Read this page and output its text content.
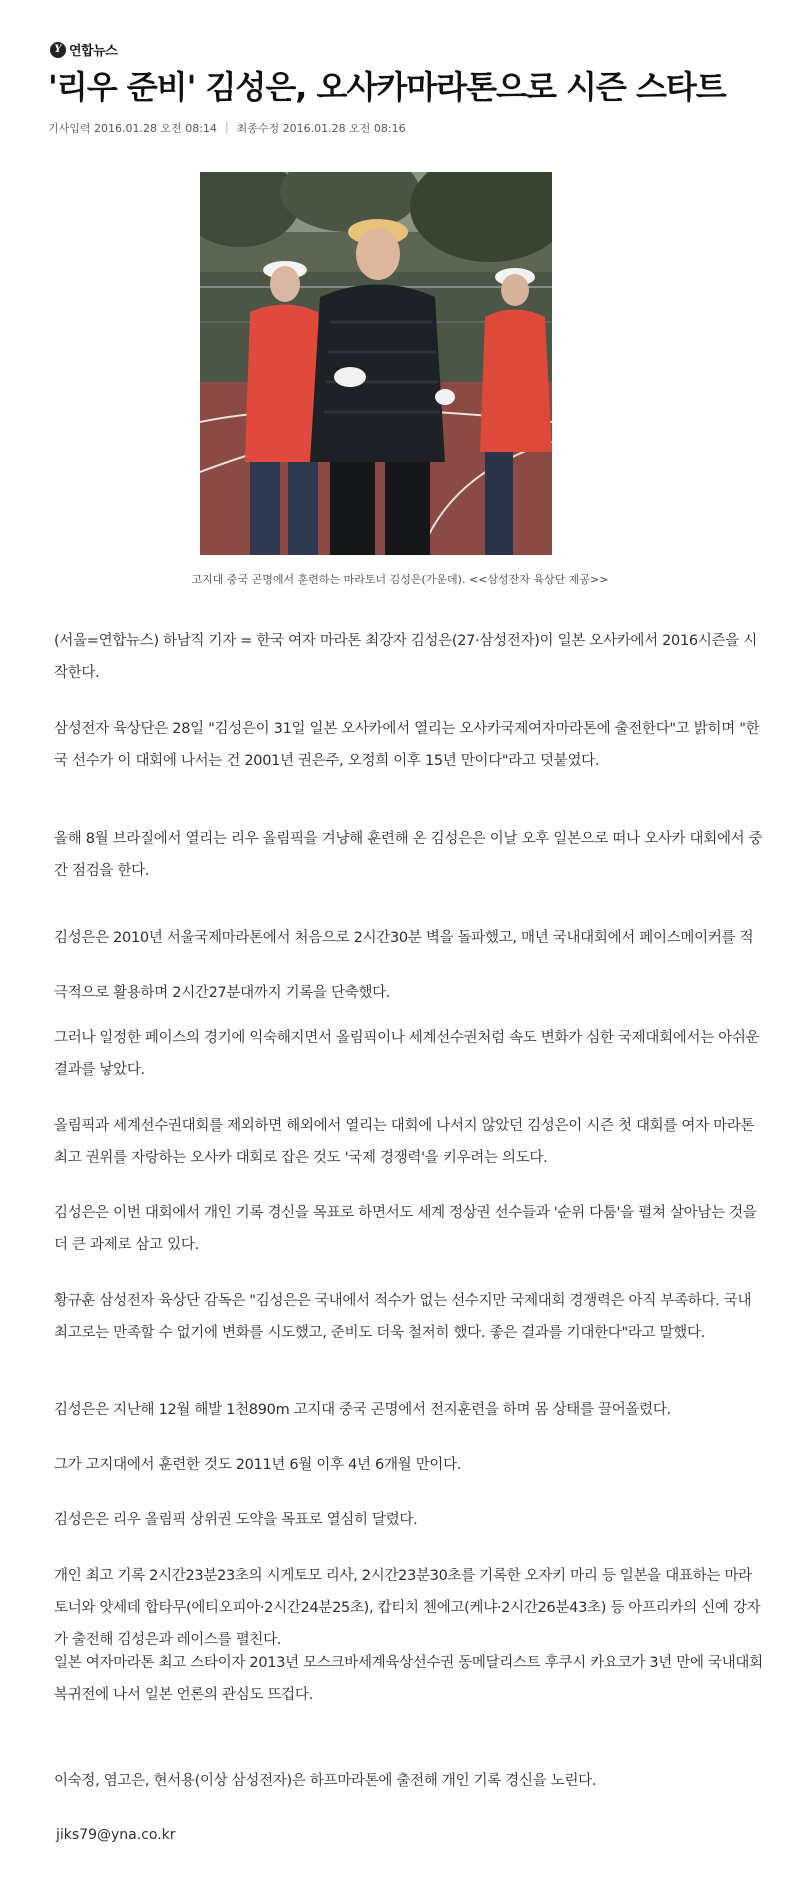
Y 연합뉴스
'리우 준비' 김성은, 오사카마라톤으로 시즌 스타트
기사입력 2016.01.28 오전 08:14 | 최종수정 2016.01.28 오전 08:16
고지대 중국 곤명에서 훈련하는 마라토너 김성은(가운데). <<삼성잔자 육상단 제공>>

(서울=연합뉴스) 하남직 기자 = 한국 여자 마라톤 최강자 김성은(27·삼성전자)이 일본 오사카에서 2016시즌을 시작한다.

삼성전자 육상단은 28일 "김성은이 31일 일본 오사카에서 열리는 오사카국제여자마라톤에 출전한다"고 밝히며 "한국 선수가 이 대회에 나서는 건 2001년 권은주, 오정희 이후 15년 만이다"라고 덧붙였다.

올해 8월 브라질에서 열리는 리우 올림픽을 겨냥해 훈련해 온 김성은은 이날 오후 일본으로 떠나 오사카 대회에서 중간 점검을 한다.

김성은은 2010년 서울국제마라톤에서 처음으로 2시간30분 벽을 돌파했고, 매년 국내대회에서 페이스메이커를 적극적으로 활용하며 2시간27분대까지 기록을 단축했다.

그러나 일정한 페이스의 경기에 익숙해지면서 올림픽이나 세계선수권처럼 속도 변화가 심한 국제대회에서는 아쉬운 결과를 낳았다.

올림픽과 세계선수권대회를 제외하면 해외에서 열리는 대회에 나서지 않았던 김성은이 시즌 첫 대회를 여자 마라톤 최고 권위를 자랑하는 오사카 대회로 잡은 것도 '국제 경쟁력'을 키우려는 의도다.

김성은은 이번 대회에서 개인 기록 경신을 목표로 하면서도 세계 정상권 선수들과 '순위 다툼'을 펼쳐 살아남는 것을 더 큰 과제로 삼고 있다.

황규훈 삼성전자 육상단 감독은 "김성은은 국내에서 적수가 없는 선수지만 국제대회 경쟁력은 아직 부족하다. 국내 최고로는 만족할 수 없기에 변화를 시도했고, 준비도 더욱 철저히 했다. 좋은 결과를 기대한다"라고 말했다.

김성은은 지난해 12월 해발 1천890m 고지대 중국 곤명에서 전지훈련을 하며 몸 상태를 끌어올렸다.

그가 고지대에서 훈련한 것도 2011년 6월 이후 4년 6개월 만이다.

김성은은 리우 올림픽 상위권 도약을 목표로 열심히 달렸다.

개인 최고 기록 2시간23분23초의 시게토모 리사, 2시간23분30초를 기록한 오자키 마리 등 일본을 대표하는 마라토너와 앗세데 합타무(에티오피아·2시간24분25초), 캅티치 첸에고(케냐·2시간26분43초) 등 아프리카의 신예 강자가 출전해 김성은과 레이스를 펼친다.

일본 여자마라톤 최고 스타이자 2013년 모스크바세계육상선수권 동메달리스트 후쿠시 카요코가 3년 만에 국내대회 복귀전에 나서 일본 언론의 관심도 뜨겁다.

이숙정, 염고은, 현서용(이상 삼성전자)은 하프마라톤에 출전해 개인 기록 경신을 노린다.

jiks79@yna.co.kr
